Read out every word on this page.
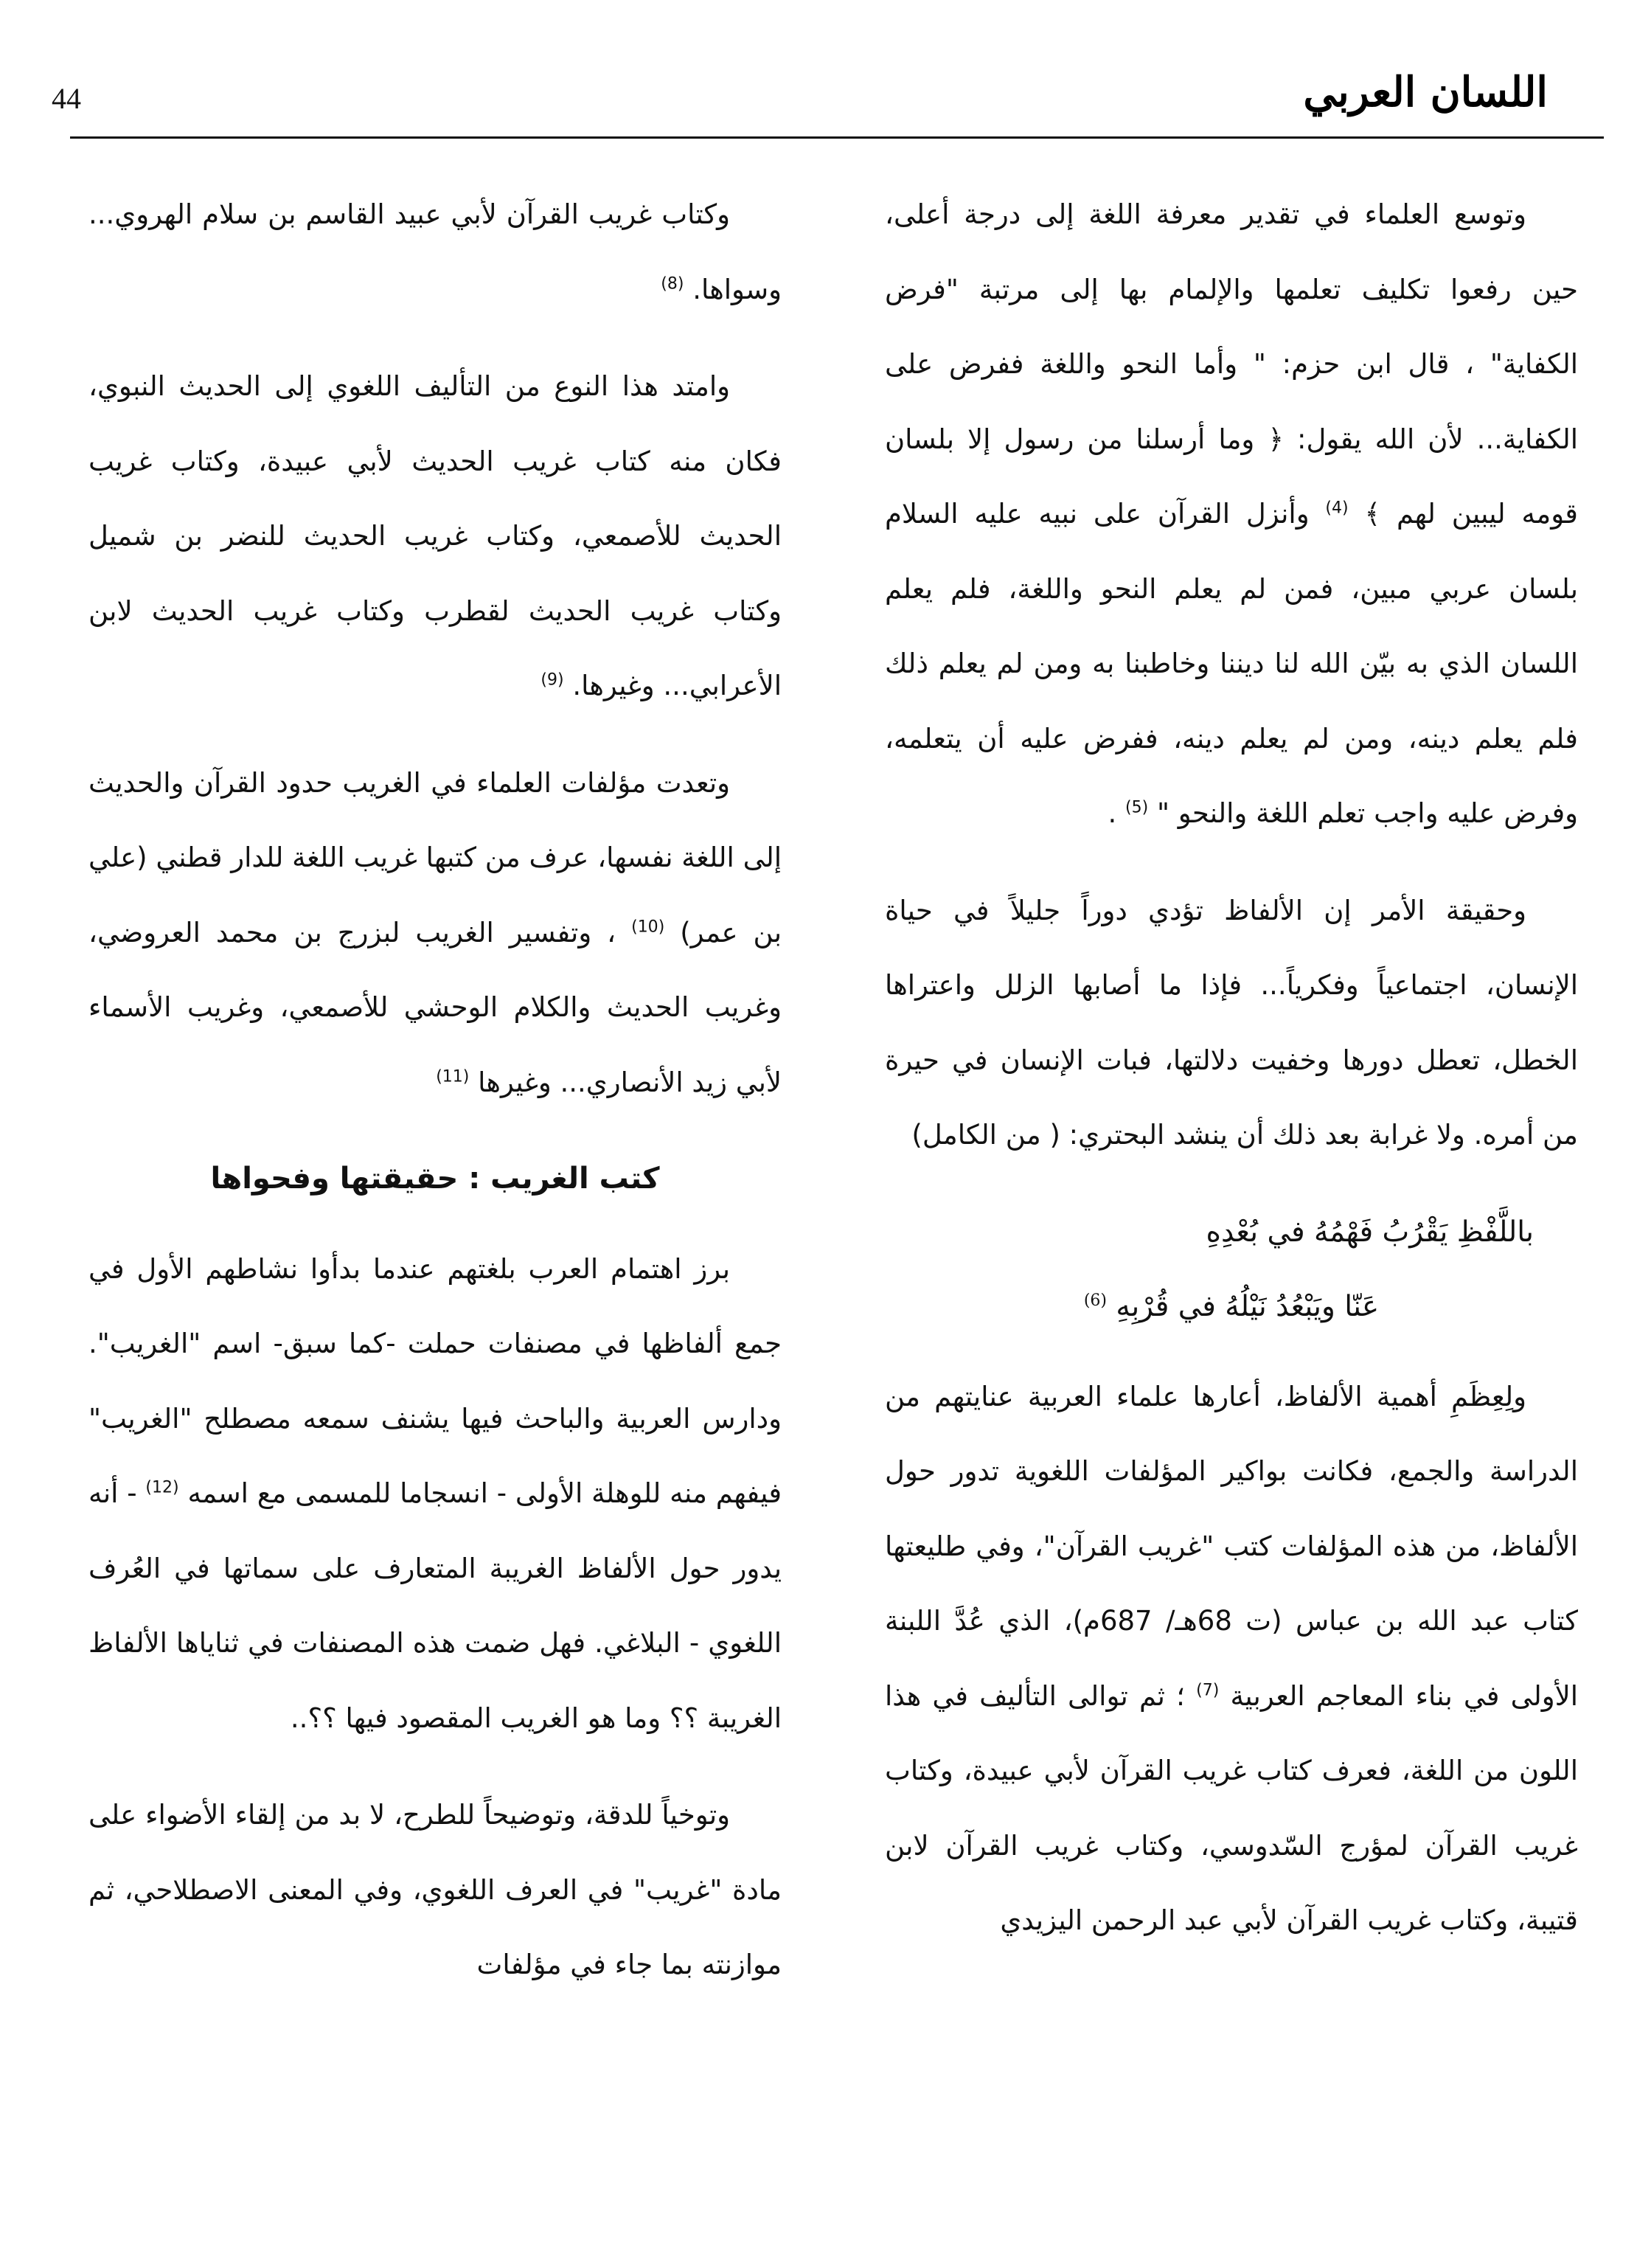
44	اللسان العربي

وتوسع العلماء في تقدير معرفة اللغة إلى درجة أعلى، حين رفعوا تكليف تعلمها والإلمام بها إلى مرتبة "فرض الكفاية" ، قال ابن حزم: " وأما النحو واللغة ففرض على الكفاية... لأن الله يقول: ﴿ وما أرسلنا من رسول إلا بلسان قومه ليبين لهم ﴾ $^{(4)}$ وأنزل القرآن على نبيه عليه السلام بلسان عربي مبين، فمن لم يعلم النحو واللغة، فلم يعلم اللسان الذي به بيّن الله لنا ديننا وخاطبنا به ومن لم يعلم ذلك فلم يعلم دينه، ومن لم يعلم دينه، ففرض عليه أن يتعلمه، وفرض عليه واجب تعلم اللغة والنحو " $^{(5)}$ .

وحقيقة الأمر إن الألفاظ تؤدي دوراً جليلاً في حياة الإنسان، اجتماعياً وفكرياً... فإذا ما أصابها الزلل واعتراها الخطل، تعطل دورها وخفيت دلالتها، فبات الإنسان في حيرة من أمره. ولا غرابة بعد ذلك أن ينشد البحتري: ( من الكامل)

باللَّفْظِ يَقْرُبُ فَهْمُهُ في بُعْدِهِ

عَنّا ويَبْعُدُ نَيْلُهُ في قُرْبِهِ $^{(6)}$

ولِعِظَمِ أهمية الألفاظ، أعارها علماء العربية عنايتهم من الدراسة والجمع، فكانت بواكير المؤلفات اللغوية تدور حول الألفاظ، من هذه المؤلفات كتب "غريب القرآن"، وفي طليعتها كتاب عبد الله بن عباس (ت 68هـ/ 687م)، الذي عُدَّ اللبنة الأولى في بناء المعاجم العربية $^{(7)}$ ؛ ثم توالى التأليف في هذا اللون من اللغة، فعرف كتاب غريب القرآن لأبي عبيدة، وكتاب غريب القرآن لمؤرج السّدوسي، وكتاب غريب القرآن لابن قتيبة، وكتاب غريب القرآن لأبي عبد الرحمن اليزيدي

وكتاب غريب القرآن لأبي عبيد القاسم بن سلام الهروي... وسواها. $^{(8)}$

وامتد هذا النوع من التأليف اللغوي إلى الحديث النبوي، فكان منه كتاب غريب الحديث لأبي عبيدة، وكتاب غريب الحديث للأصمعي، وكتاب غريب الحديث للنضر بن شميل وكتاب غريب الحديث لقطرب وكتاب غريب الحديث لابن الأعرابي... وغيرها. $^{(9)}$

وتعدت مؤلفات العلماء في الغريب حدود القرآن والحديث إلى اللغة نفسها، عرف من كتبها غريب اللغة للدار قطني (علي بن عمر) $^{(10)}$ ، وتفسير الغريب لبزرج بن محمد العروضي، وغريب الحديث والكلام الوحشي للأصمعي، وغريب الأسماء لأبي زيد الأنصاري... وغيرها $^{(11)}$

كتب الغريب : حقيقتها وفحواها

برز اهتمام العرب بلغتهم عندما بدأوا نشاطهم الأول في جمع ألفاظها في مصنفات حملت -كما سبق- اسم "الغريب". ودارس العربية والباحث فيها يشنف سمعه مصطلح "الغريب" فيفهم منه للوهلة الأولى - انسجاما للمسمى مع اسمه $^{(12)}$ - أنه يدور حول الألفاظ الغريبة المتعارف على سماتها في العُرف اللغوي - البلاغي. فهل ضمت هذه المصنفات في ثناياها الألفاظ الغريبة ؟؟ وما هو الغريب المقصود فيها ؟؟..

وتوخياً للدقة، وتوضيحاً للطرح، لا بد من إلقاء الأضواء على مادة "غريب" في العرف اللغوي، وفي المعنى الاصطلاحي، ثم موازنته بما جاء في مؤلفات
